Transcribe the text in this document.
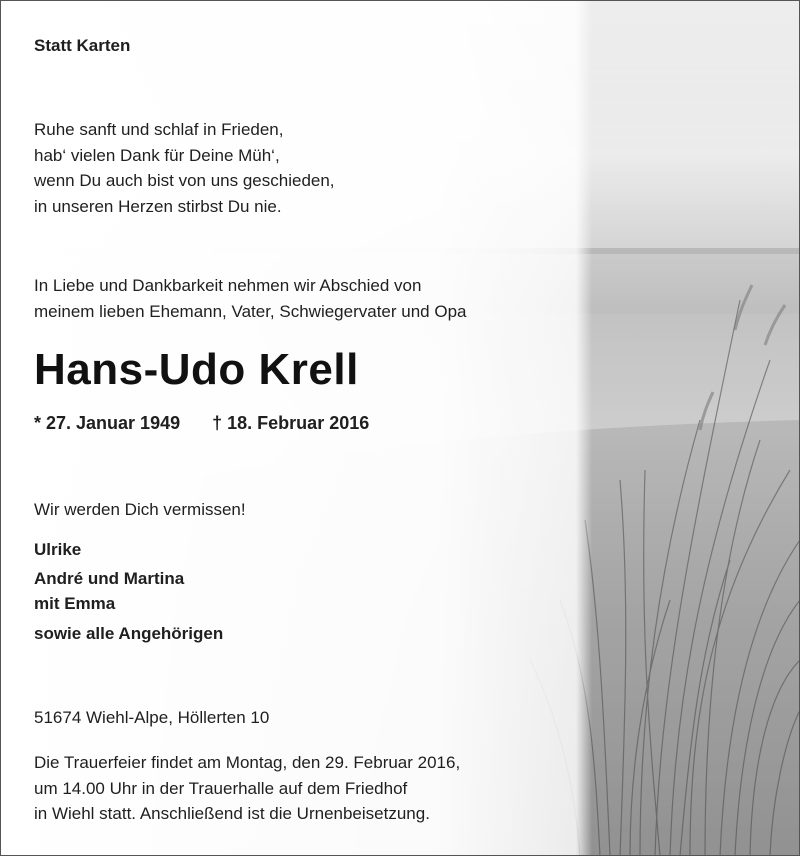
Statt Karten
Ruhe sanft und schlaf in Frieden,
hab‘ vielen Dank für Deine Müh‘,
wenn Du auch bist von uns geschieden,
in unseren Herzen stirbst Du nie.
In Liebe und Dankbarkeit nehmen wir Abschied von
meinem lieben Ehemann, Vater, Schwiegervater und Opa
Hans-Udo Krell
* 27. Januar 1949 † 18. Februar 2016
Wir werden Dich vermissen!
Ulrike
André und Martina
mit Emma
sowie alle Angehörigen
51674 Wiehl-Alpe, Höllerten 10
Die Trauerfeier findet am Montag, den 29. Februar 2016,
um 14.00 Uhr in der Trauerhalle auf dem Friedhof
in Wiehl statt. Anschließend ist die Urnenbeisetzung.
